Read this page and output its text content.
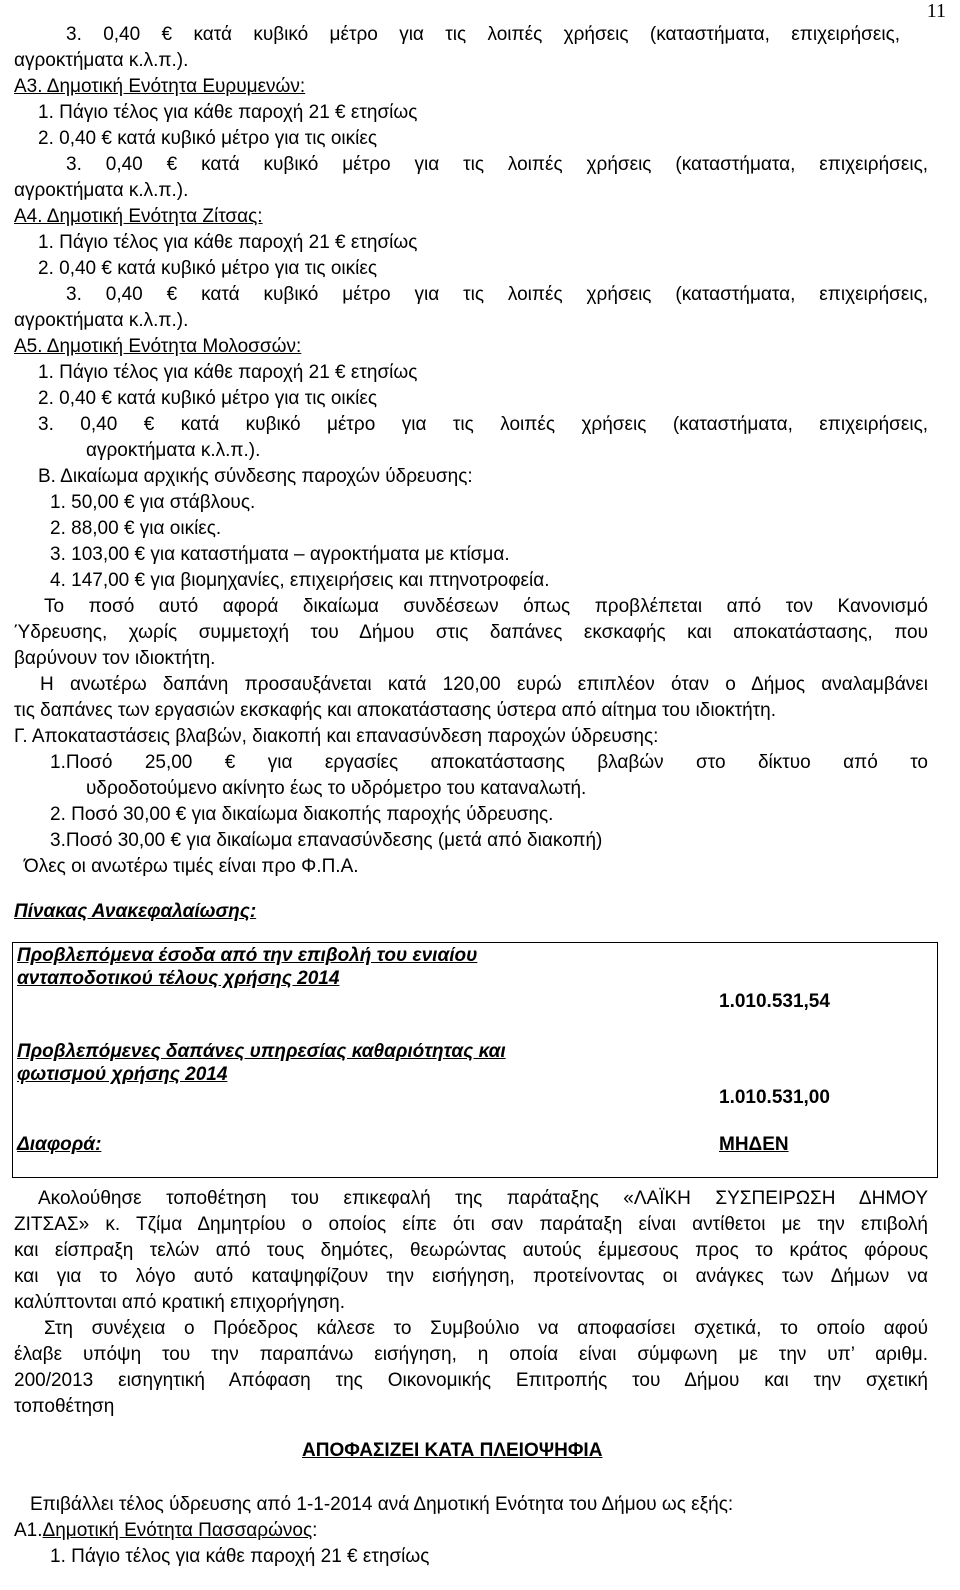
11
3. 0,40 € κατά κυβικό μέτρο για τις λοιπές χρήσεις (καταστήματα, επιχειρήσεις,
αγροκτήματα κ.λ.π.).
Α3. Δημοτική Ενότητα Ευρυμενών:
1. Πάγιο τέλος για κάθε παροχή 21 € ετησίως
2. 0,40 € κατά κυβικό μέτρο για τις οικίες
3. 0,40 € κατά κυβικό μέτρο για τις λοιπές χρήσεις (καταστήματα, επιχειρήσεις,
αγροκτήματα κ.λ.π.).
Α4. Δημοτική Ενότητα Ζίτσας:
1. Πάγιο τέλος για κάθε παροχή 21 € ετησίως
2. 0,40 € κατά κυβικό μέτρο για τις οικίες
3. 0,40 € κατά κυβικό μέτρο για τις λοιπές χρήσεις (καταστήματα, επιχειρήσεις,
αγροκτήματα κ.λ.π.).
Α5. Δημοτική Ενότητα Μολοσσών:
1. Πάγιο τέλος για κάθε παροχή 21 € ετησίως
2. 0,40 € κατά κυβικό μέτρο για τις οικίες
3. 0,40 € κατά κυβικό μέτρο για τις λοιπές χρήσεις (καταστήματα, επιχειρήσεις,
αγροκτήματα κ.λ.π.).
Β. Δικαίωμα αρχικής σύνδεσης παροχών ύδρευσης:
1. 50,00 € για στάβλους.
2. 88,00 € για οικίες.
3. 103,00 € για καταστήματα – αγροκτήματα με κτίσμα.
4. 147,00 € για βιομηχανίες, επιχειρήσεις και πτηνοτροφεία.
Το ποσό αυτό αφορά δικαίωμα συνδέσεων όπως προβλέπεται από τον Κανονισμό
Ύδρευσης, χωρίς συμμετοχή του Δήμου στις δαπάνες εκσκαφής και αποκατάστασης, που
βαρύνουν τον ιδιοκτήτη.
Η ανωτέρω δαπάνη προσαυξάνεται κατά 120,00 ευρώ επιπλέον όταν ο Δήμος αναλαμβάνει
τις δαπάνες των εργασιών εκσκαφής και αποκατάστασης ύστερα από αίτημα του ιδιοκτήτη.
Γ. Αποκαταστάσεις βλαβών, διακοπή και επανασύνδεση παροχών ύδρευσης:
1.Ποσό 25,00 € για εργασίες αποκατάστασης βλαβών στο δίκτυο από το
υδροδοτούμενο ακίνητο έως το υδρόμετρο του καταναλωτή.
2. Ποσό 30,00 € για δικαίωμα διακοπής παροχής ύδρευσης.
3.Ποσό 30,00 € για δικαίωμα επανασύνδεσης (μετά από διακοπή)
Όλες οι ανωτέρω τιμές είναι προ Φ.Π.Α.
Πίνακας Ανακεφαλαίωσης:
Προβλεπόμενα έσοδα από την επιβολή του ενιαίου
ανταποδοτικού τέλους χρήσης 2014
1.010.531,54
Προβλεπόμενες δαπάνες υπηρεσίας καθαριότητας και
φωτισμού χρήσης 2014
1.010.531,00
Διαφορά:	ΜΗΔΕΝ
Ακολούθησε τοποθέτηση του επικεφαλή της παράταξης «ΛΑΪΚΗ ΣΥΣΠΕΙΡΩΣΗ ΔΗΜΟΥ
ΖΙΤΣΑΣ» κ. Τζίμα Δημητρίου ο οποίος είπε ότι σαν παράταξη είναι αντίθετοι με την επιβολή
και είσπραξη τελών από τους δημότες, θεωρώντας αυτούς έμμεσους προς το κράτος φόρους
και για το λόγο αυτό καταψηφίζουν την εισήγηση, προτείνοντας οι ανάγκες των Δήμων να
καλύπτονται από κρατική επιχορήγηση.
Στη συνέχεια ο Πρόεδρος κάλεσε το Συμβούλιο να αποφασίσει σχετικά, το οποίο αφού
έλαβε υπόψη του την παραπάνω εισήγηση, η οποία είναι σύμφωνη με την υπ’ αριθμ.
200/2013 εισηγητική Απόφαση της Οικονομικής Επιτροπής του Δήμου και την σχετική
τοποθέτηση
ΑΠΟΦΑΣΙΖΕΙ ΚΑΤΑ ΠΛΕΙΟΨΗΦΙΑ
Επιβάλλει τέλος ύδρευσης από 1-1-2014 ανά Δημοτική Ενότητα του Δήμου ως εξής:
Α1.Δημοτική Ενότητα Πασσαρώνος:
1. Πάγιο τέλος για κάθε παροχή 21 € ετησίως
